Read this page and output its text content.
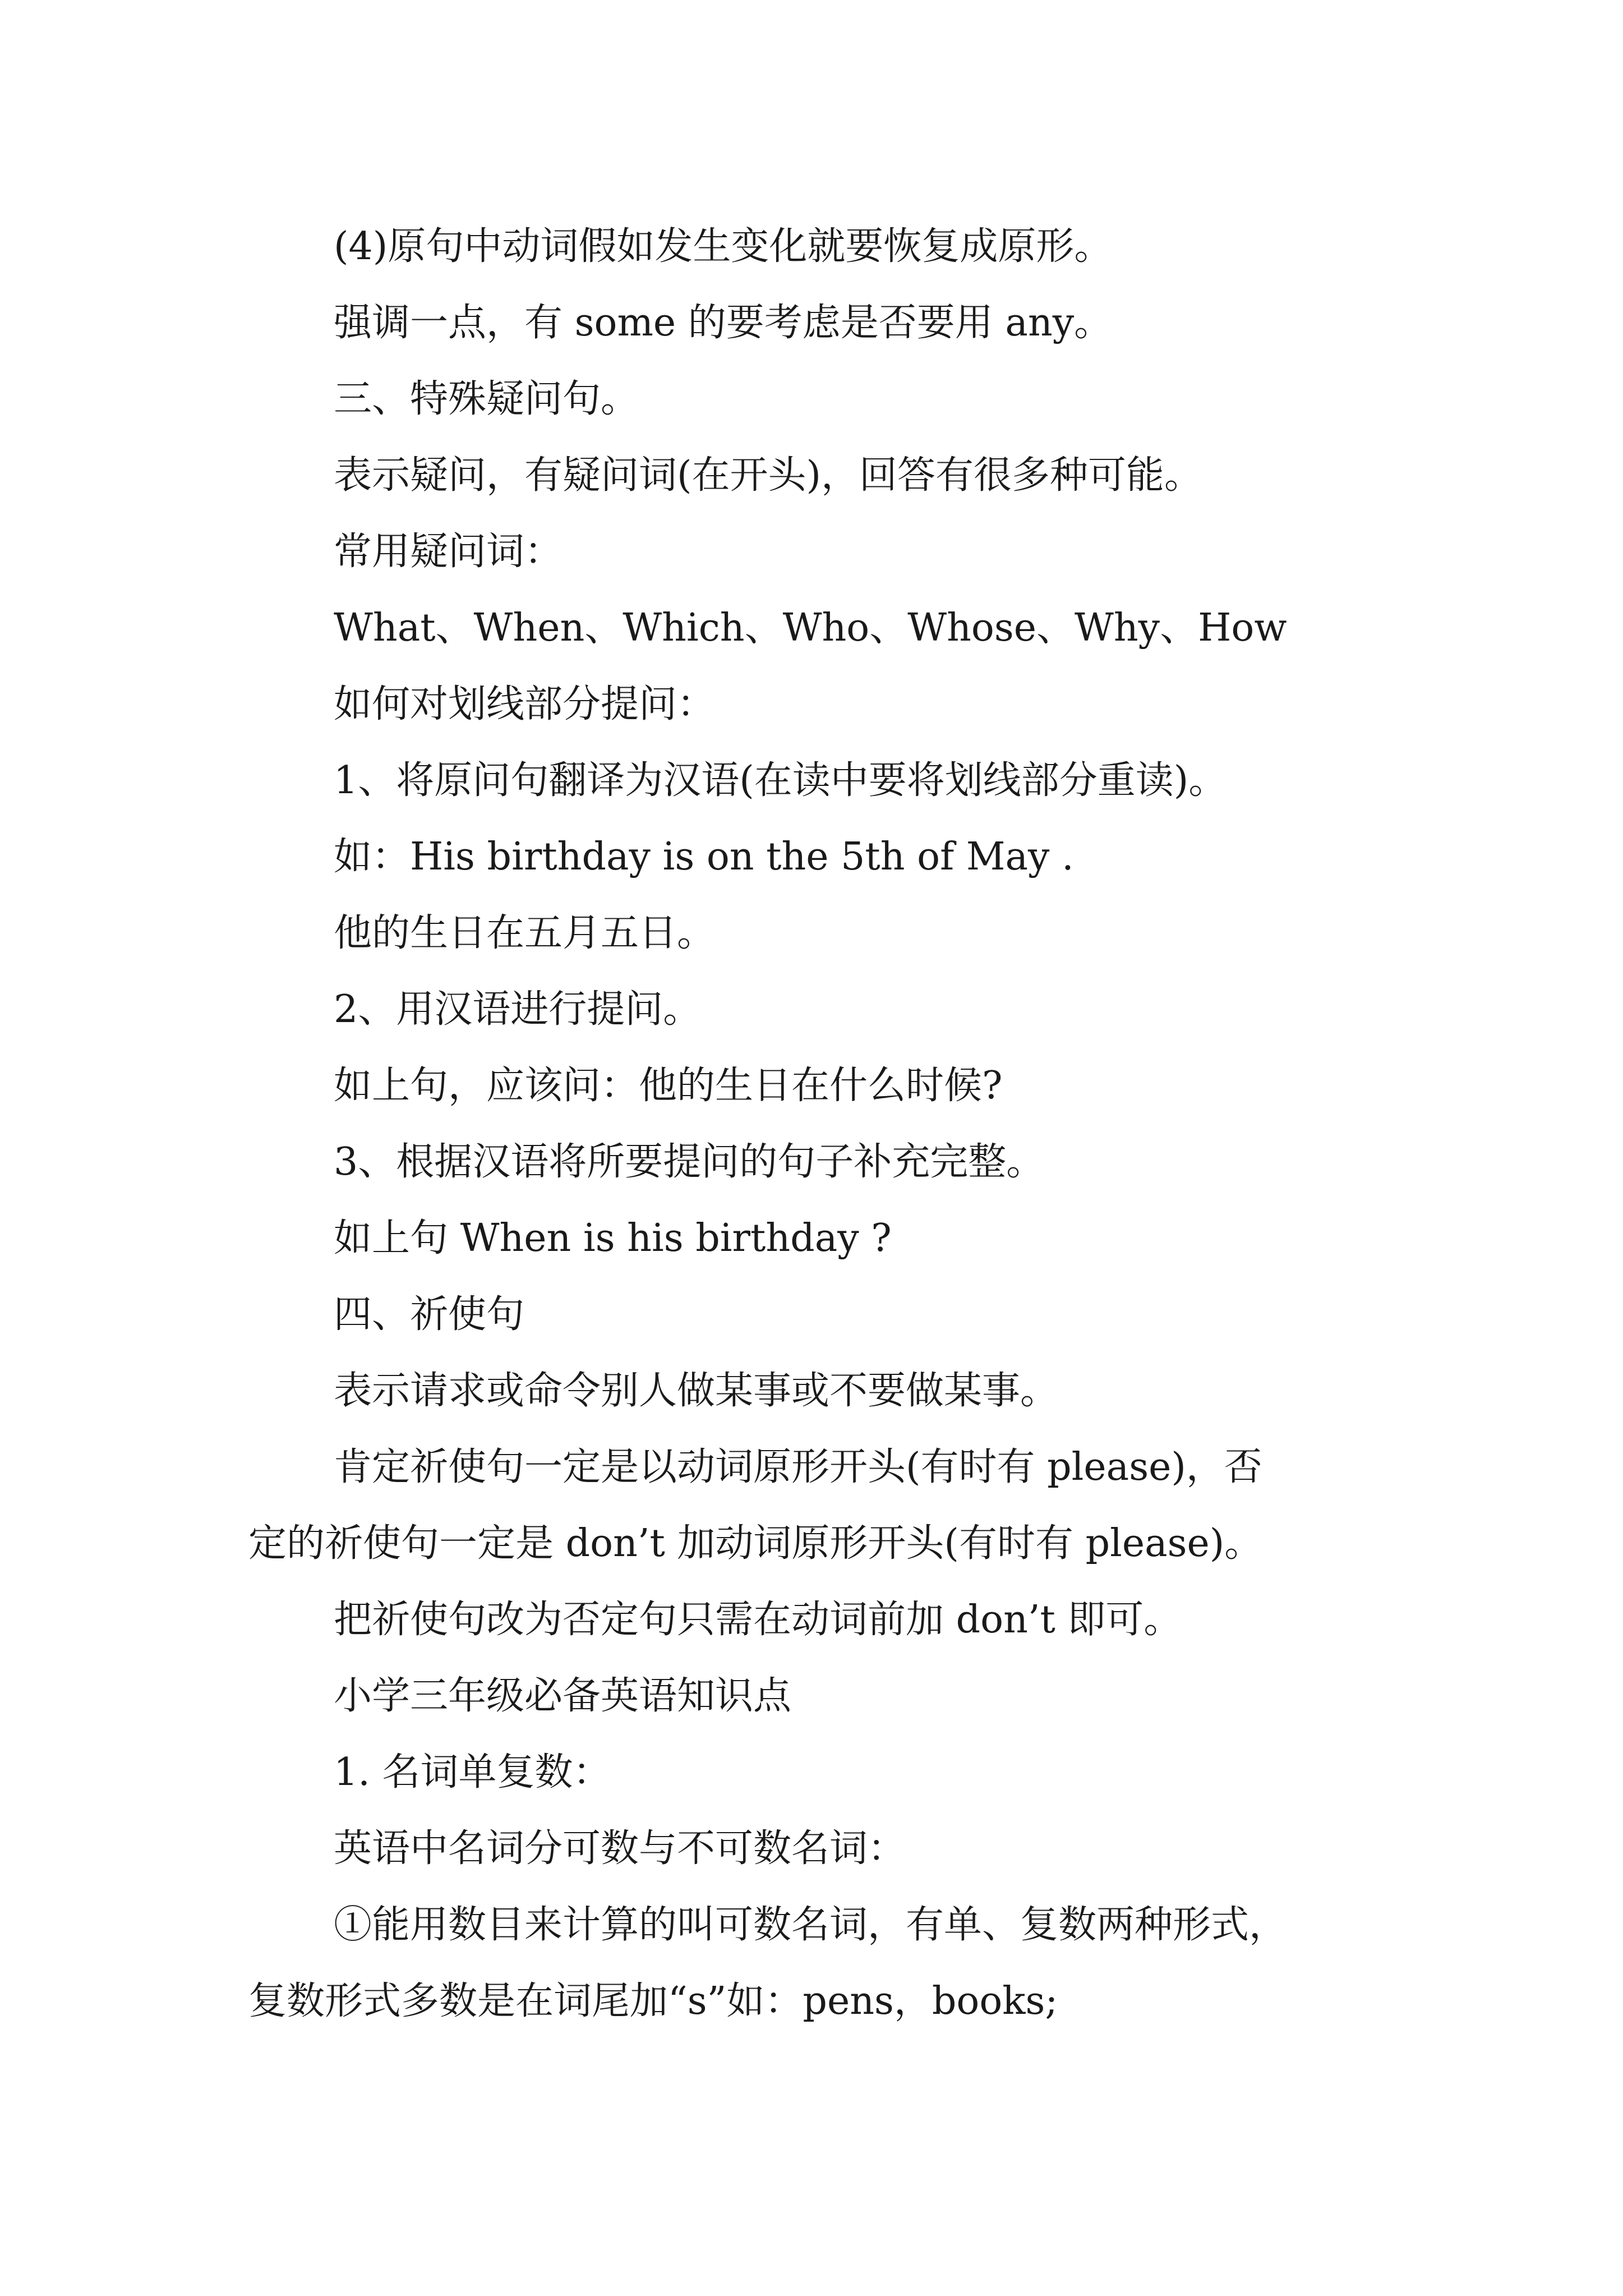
(4)原句中动词假如发生变化就要恢复成原形。
强调一点，有 some 的要考虑是否要用 any。
三、特殊疑问句。
表示疑问，有疑问词(在开头)，回答有很多种可能。
常用疑问词：
What、When、Which、Who、Whose、Why、How
如何对划线部分提问：
1、将原问句翻译为汉语(在读中要将划线部分重读)。
如：His birthday is on the 5th of May .
他的生日在五月五日。
2、用汉语进行提问。
如上句，应该问：他的生日在什么时候?
3、根据汉语将所要提问的句子补充完整。
如上句 When is his birthday ?
四、祈使句
表示请求或命令别人做某事或不要做某事。
肯定祈使句一定是以动词原形开头(有时有 please)，否
定的祈使句一定是 don’t 加动词原形开头(有时有 please)。
把祈使句改为否定句只需在动词前加 don’t 即可。
小学三年级必备英语知识点
1. 名词单复数：
英语中名词分可数与不可数名词：
①能用数目来计算的叫可数名词，有单、复数两种形式，
复数形式多数是在词尾加“s”如：pens，books;
